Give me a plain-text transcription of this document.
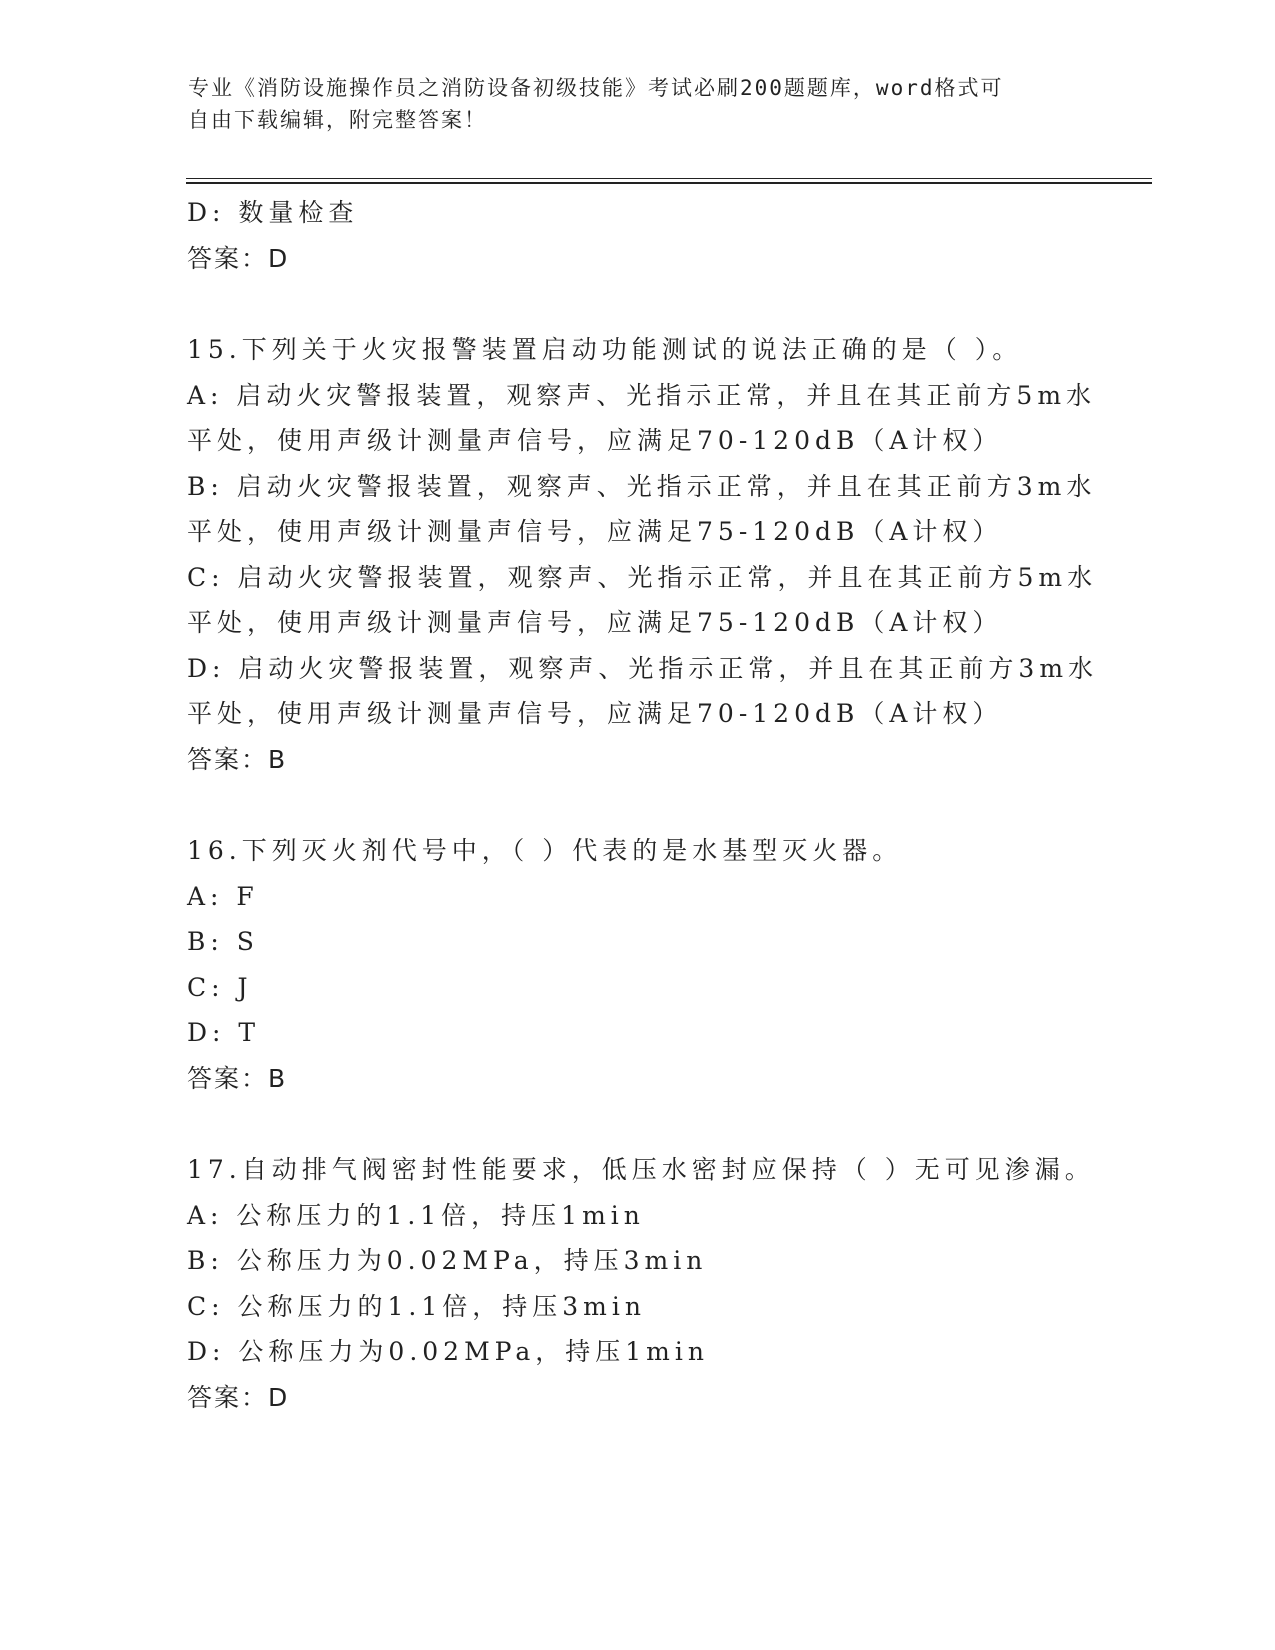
专业《消防设施操作员之消防设备初级技能》考试必刷200题题库，word格式可
自由下载编辑，附完整答案！
D: 数量检查
答案：D
15.下列关于火灾报警装置启动功能测试的说法正确的是（ ）。
A: 启动火灾警报装置，观察声、光指示正常，并且在其正前方5m水
平处，使用声级计测量声信号，应满足70-120dB（A计权）
B: 启动火灾警报装置，观察声、光指示正常，并且在其正前方3m水
平处，使用声级计测量声信号，应满足75-120dB（A计权）
C: 启动火灾警报装置，观察声、光指示正常，并且在其正前方5m水
平处，使用声级计测量声信号，应满足75-120dB（A计权）
D: 启动火灾警报装置，观察声、光指示正常，并且在其正前方3m水
平处，使用声级计测量声信号，应满足70-120dB（A计权）
答案：B
16.下列灭火剂代号中，（ ）代表的是水基型灭火器。
A: F
B: S
C: J
D: T
答案：B
17.自动排气阀密封性能要求，低压水密封应保持（ ）无可见渗漏。
A: 公称压力的1.1倍，持压1min
B: 公称压力为0.02MPa，持压3min
C: 公称压力的1.1倍，持压3min
D: 公称压力为0.02MPa，持压1min
答案：D
